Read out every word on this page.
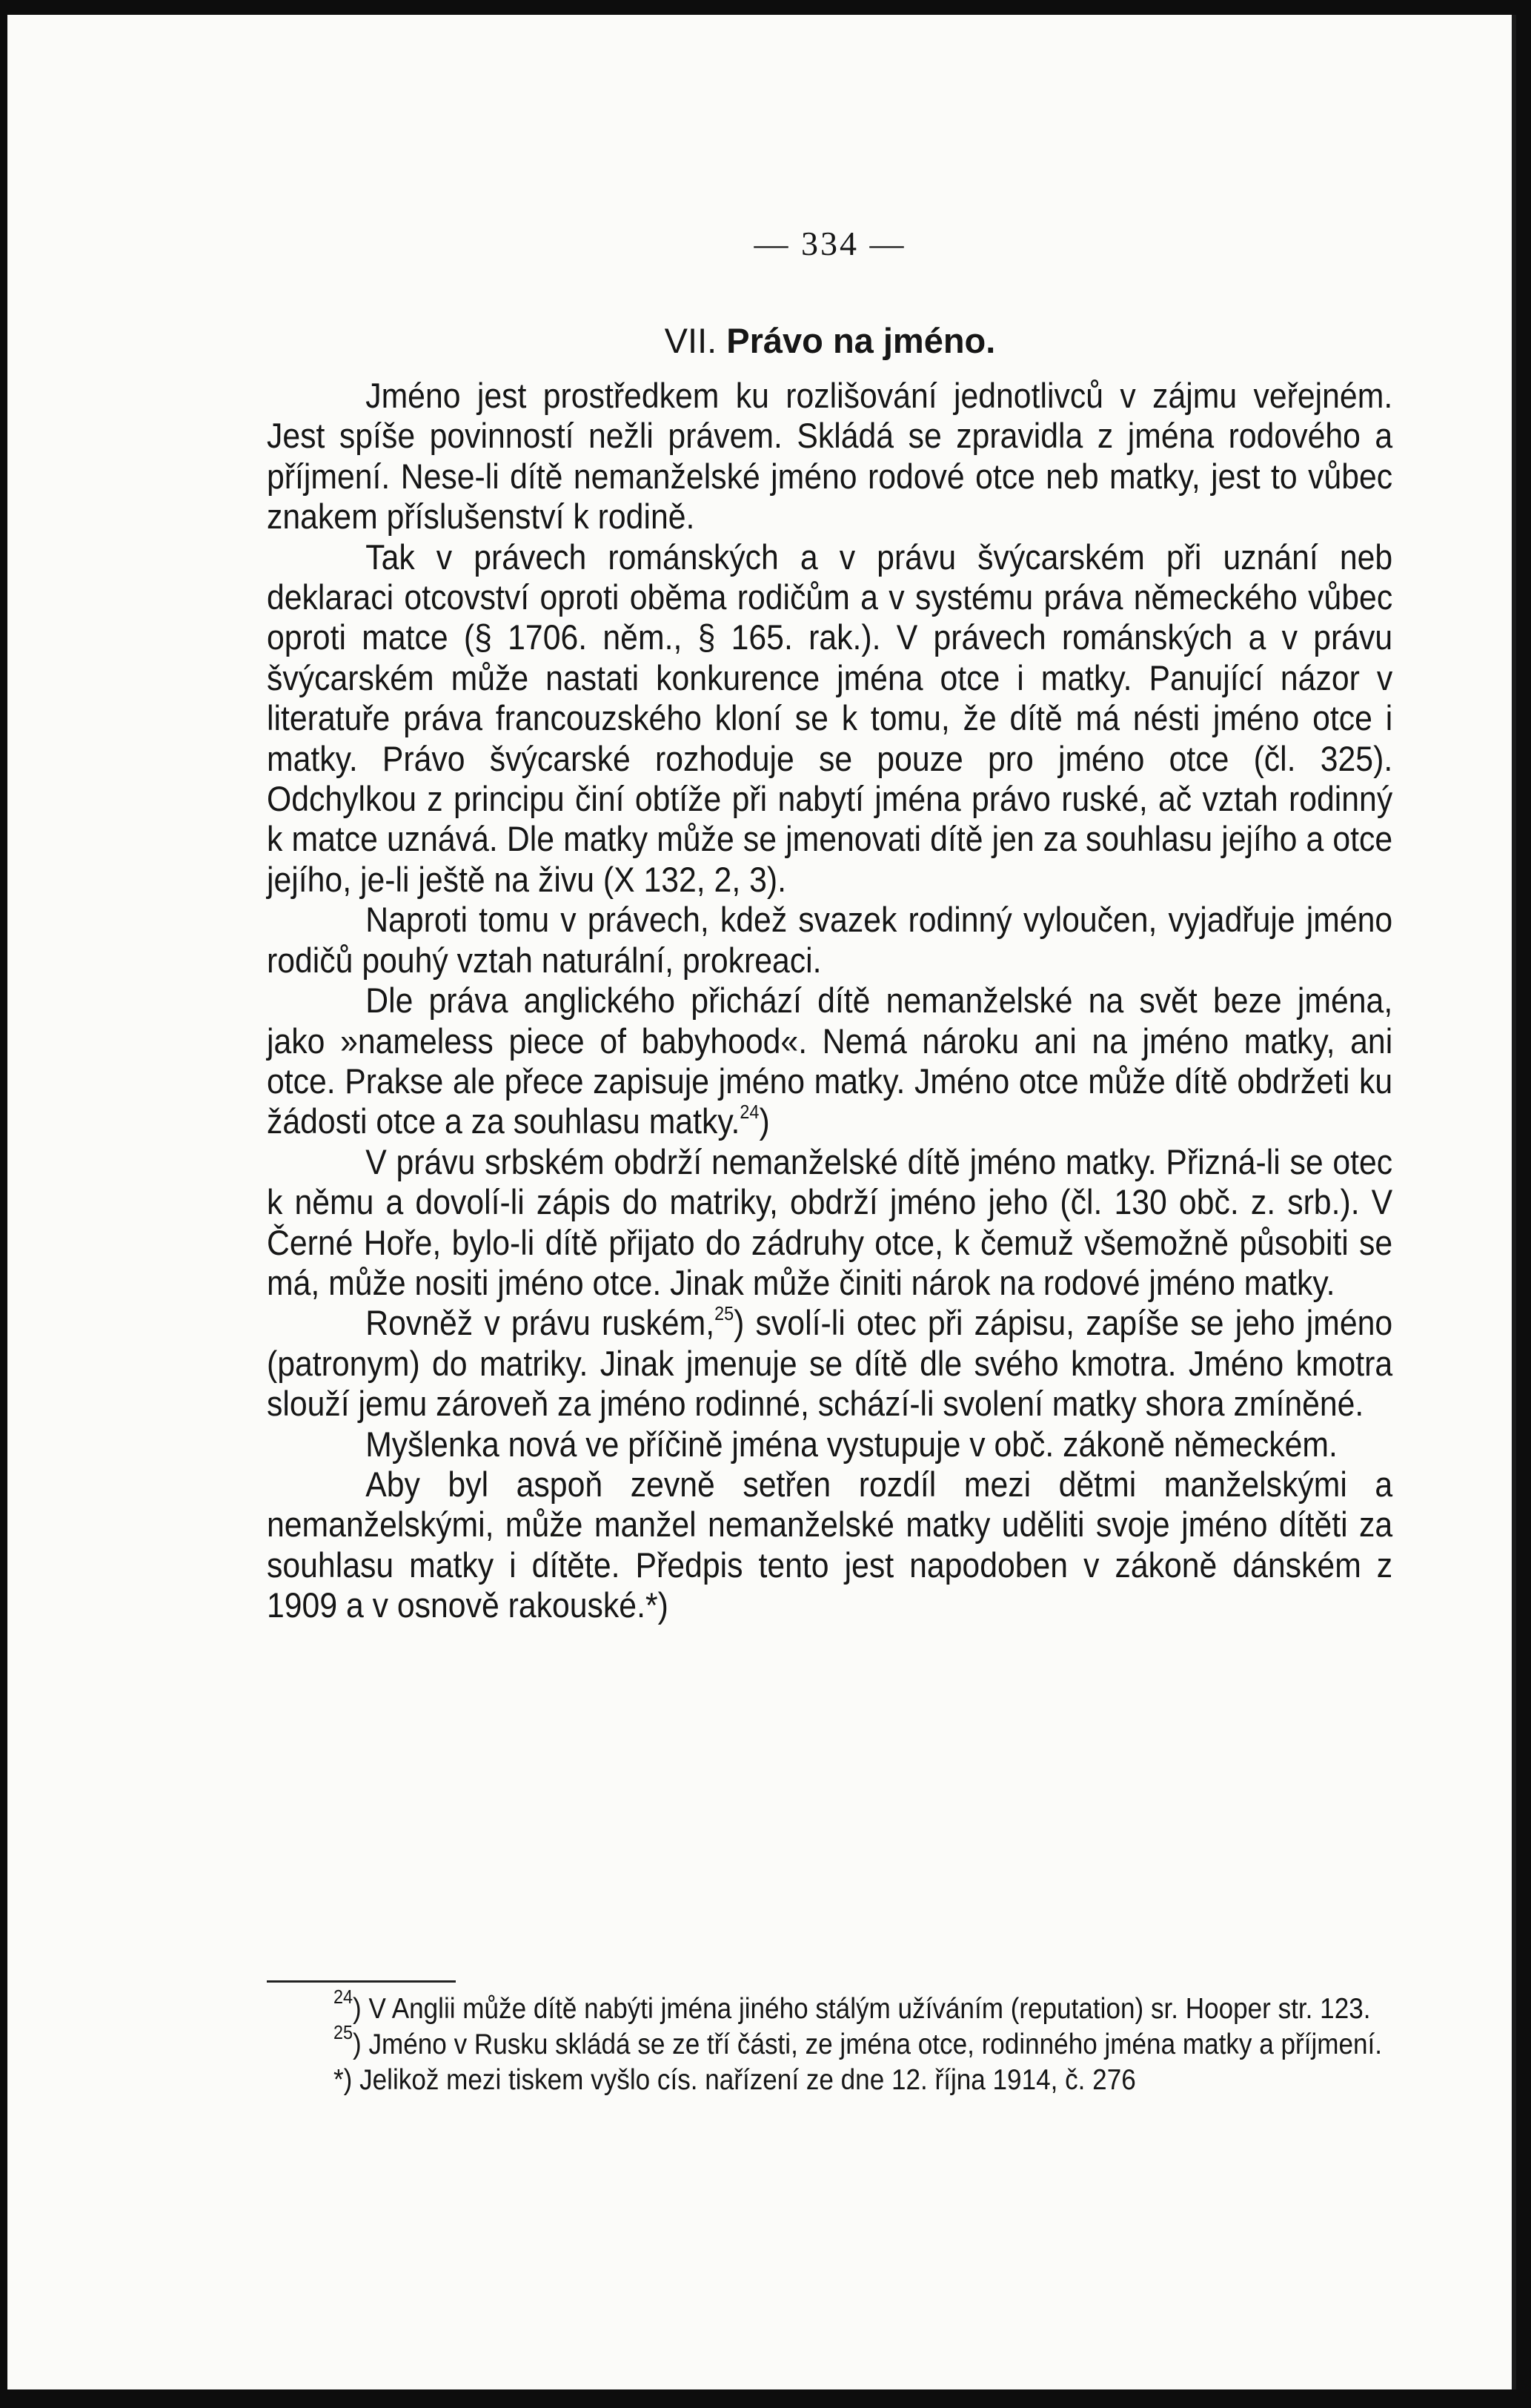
— 334 —
VII. Právo na jméno.

Jméno jest prostředkem ku rozlišování jednotlivců v zájmu veřejném. Jest spíše povinností nežli právem. Skládá se zpravidla z jména rodového a příjmení. Nese-li dítě nemanželské jméno rodové otce neb matky, jest to vůbec znakem příslušenství k rodině.

Tak v právech románských a v právu švýcarském při uznání neb deklaraci otcovství oproti oběma rodičům a v systému práva německého vůbec oproti matce (§ 1706. něm., § 165. rak.). V právech románských a v právu švýcarském může nastati konkurence jména otce i matky. Panující názor v literatuře práva francouzského kloní se k tomu, že dítě má nésti jméno otce i matky. Právo švýcarské rozhoduje se pouze pro jméno otce (čl. 325). Odchylkou z principu činí obtíže při nabytí jména právo ruské, ač vztah rodinný k matce uznává. Dle matky může se jmenovati dítě jen za souhlasu jejího a otce jejího, je-li ještě na živu (X 132, 2, 3).

Naproti tomu v právech, kdež svazek rodinný vyloučen, vyjadřuje jméno rodičů pouhý vztah naturální, prokreaci.

Dle práva anglického přichází dítě nemanželské na svět beze jména, jako »nameless piece of babyhood«. Nemá nároku ani na jméno matky, ani otce. Prakse ale přece zapisuje jméno matky. Jméno otce může dítě obdržeti ku žádosti otce a za souhlasu matky.$^{24}$)

V právu srbském obdrží nemanželské dítě jméno matky. Přizná-li se otec k němu a dovolí-li zápis do matriky, obdrží jméno jeho (čl. 130 obč. z. srb.). V Černé Hoře, bylo-li dítě přijato do zádruhy otce, k čemuž všemožně působiti se má, může nositi jméno otce. Jinak může činiti nárok na rodové jméno matky.

Rovněž v právu ruském,$^{25}$) svolí-li otec při zápisu, zapíše se jeho jméno (patronym) do matriky. Jinak jmenuje se dítě dle svého kmotra. Jméno kmotra slouží jemu zároveň za jméno rodinné, schází-li svolení matky shora zmíněné.

Myšlenka nová ve příčině jména vystupuje v obč. zákoně německém.

Aby byl aspoň zevně setřen rozdíl mezi dětmi manželskými a nemanželskými, může manžel nemanželské matky uděliti svoje jméno dítěti za souhlasu matky i dítěte. Předpis tento jest napodoben v zákoně dánském z 1909 a v osnově rakouské.*)

$^{24}$) V Anglii může dítě nabýti jména jiného stálým užíváním (reputation) sr. Hooper str. 123.

$^{25}$) Jméno v Rusku skládá se ze tří části, ze jména otce, rodinného jména matky a příjmení.

*) Jelikož mezi tiskem vyšlo cís. nařízení ze dne 12. října 1914, č. 276
